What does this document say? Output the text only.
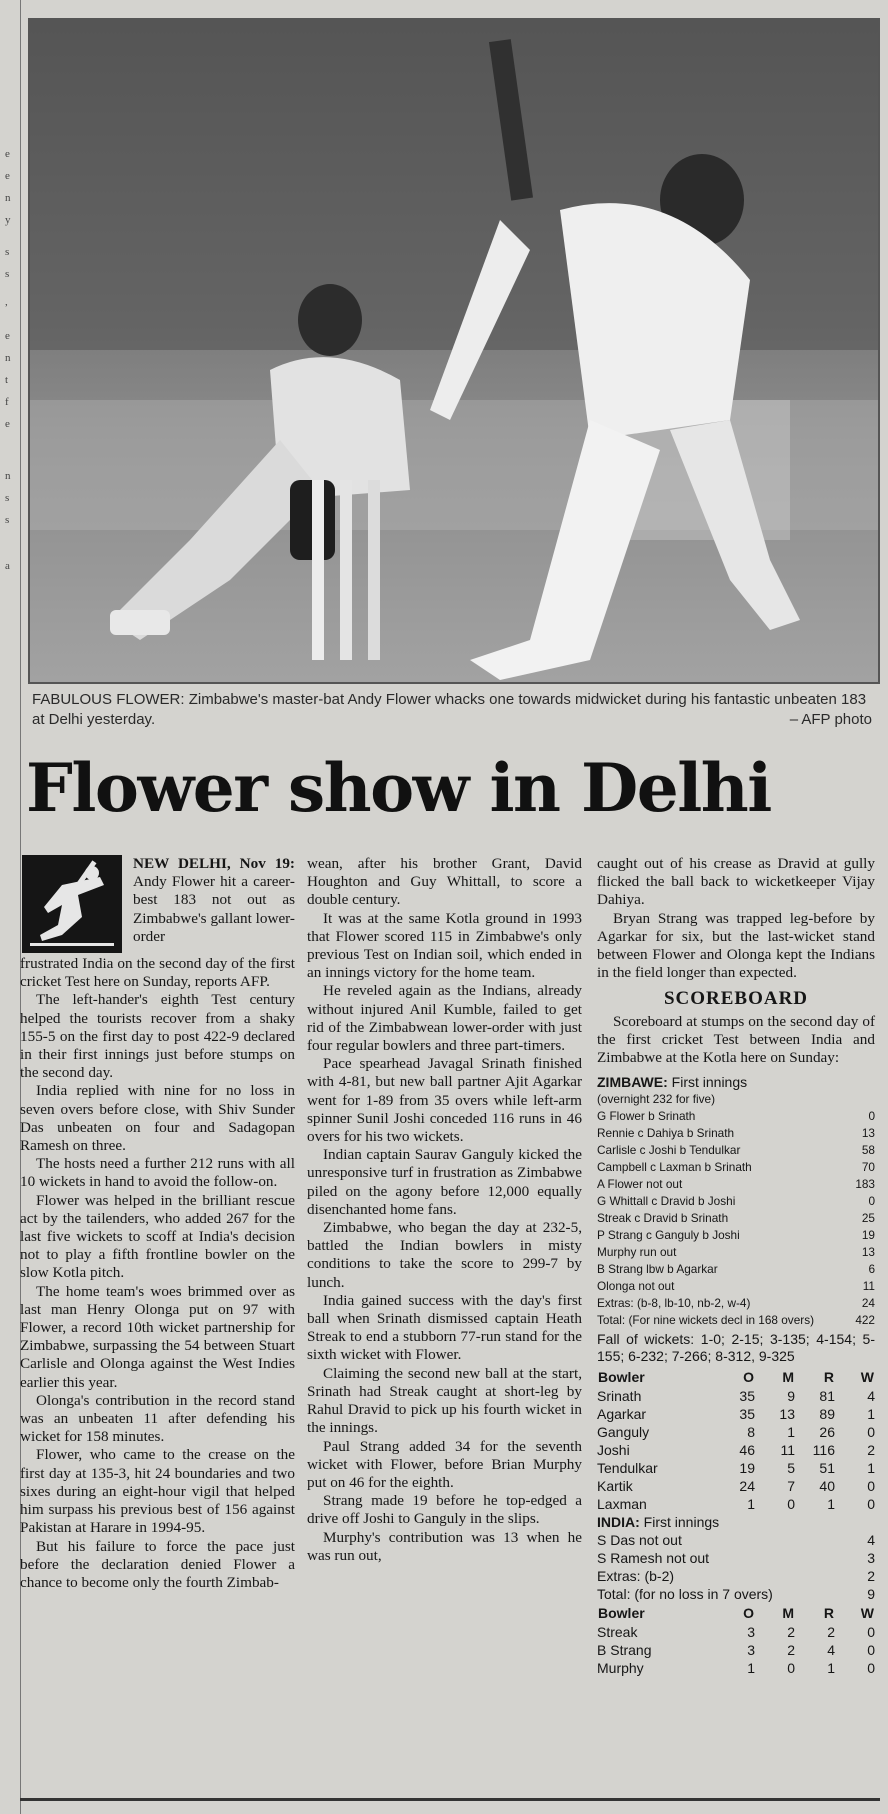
e
e
n
y
s
s
,
e
n
t
f
e
n
s
s
a
FABULOUS FLOWER: Zimbabwe's master-bat Andy Flower whacks one towards midwicket during his fantastic unbeaten 183 at Delhi yesterday.	– AFP photo
Flower show in Delhi

NEW DELHI, Nov 19: Andy Flower hit a career-best 183 not out as Zimbabwe's gallant lower-order

frustrated India on the second day of the first cricket Test here on Sunday, reports AFP.

The left-hander's eighth Test century helped the tourists recover from a shaky 155-5 on the first day to post 422-9 declared in their first innings just before stumps on the second day.

India replied with nine for no loss in seven overs before close, with Shiv Sunder Das unbeaten on four and Sadagopan Ramesh on three.

The hosts need a further 212 runs with all 10 wickets in hand to avoid the follow-on.

Flower was helped in the brilliant rescue act by the tailenders, who added 267 for the last five wickets to scoff at India's decision not to play a fifth frontline bowler on the slow Kotla pitch.

The home team's woes brimmed over as last man Henry Olonga put on 97 with Flower, a record 10th wicket partnership for Zimbabwe, surpassing the 54 between Stuart Carlisle and Olonga against the West Indies earlier this year.

Olonga's contribution in the record stand was an unbeaten 11 after defending his wicket for 158 minutes.

Flower, who came to the crease on the first day at 135-3, hit 24 boundaries and two sixes during an eight-hour vigil that helped him surpass his previous best of 156 against Pakistan at Harare in 1994-95.

But his failure to force the pace just before the declaration denied Flower a chance to become only the fourth Zimbab-

wean, after his brother Grant, David Houghton and Guy Whittall, to score a double century.

It was at the same Kotla ground in 1993 that Flower scored 115 in Zimbabwe's only previous Test on Indian soil, which ended in an innings victory for the home team.

He reveled again as the Indians, already without injured Anil Kumble, failed to get rid of the Zimbabwean lower-order with just four regular bowlers and three part-timers.

Pace spearhead Javagal Srinath finished with 4-81, but new ball partner Ajit Agarkar went for 1-89 from 35 overs while left-arm spinner Sunil Joshi conceded 116 runs in 46 overs for his two wickets.

Indian captain Saurav Ganguly kicked the unresponsive turf in frustration as Zimbabwe piled on the agony before 12,000 equally disenchanted home fans.

Zimbabwe, who began the day at 232-5, battled the Indian bowlers in misty conditions to take the score to 299-7 by lunch.

India gained success with the day's first ball when Srinath dismissed captain Heath Streak to end a stubborn 77-run stand for the sixth wicket with Flower.

Claiming the second new ball at the start, Srinath had Streak caught at short-leg by Rahul Dravid to pick up his fourth wicket in the innings.

Paul Strang added 34 for the seventh wicket with Flower, before Brian Murphy put on 46 for the eighth.

Strang made 19 before he top-edged a drive off Joshi to Ganguly in the slips.

Murphy's contribution was 13 when he was run out,

caught out of his crease as Dravid at gully flicked the ball back to wicketkeeper Vijay Dahiya.

Bryan Strang was trapped leg-before by Agarkar for six, but the last-wicket stand between Flower and Olonga kept the Indians in the field longer than expected.

SCOREBOARD

Scoreboard at stumps on the second day of the first cricket Test between India and Zimbabwe at the Kotla here on Sunday:

ZIMBAWE: First innings
(overnight 232 for five)	
G Flower b Srinath	0
Rennie c Dahiya b Srinath	13
Carlisle c Joshi b Tendulkar	58
Campbell c Laxman b Srinath	70
A Flower not out	183
G Whittall c Dravid b Joshi	0
Streak c Dravid b Srinath	25
P Strang c Ganguly b Joshi	19
Murphy run out	13
B Strang lbw b Agarkar	6
Olonga not out	11
Extras: (b-8, lb-10, nb-2, w-4)	24
Total: (For nine wickets decl in 168 overs)	422
Fall of wickets: 1-0; 2-15; 3-135; 4-154; 5-155; 6-232; 7-266; 8-312, 9-325
Bowler	O	M	R	W
Srinath	35	9	81	4
Agarkar	35	13	89	1
Ganguly	8	1	26	0
Joshi	46	11	116	2
Tendulkar	19	5	51	1
Kartik	24	7	40	0
Laxman	1	0	1	0
INDIA: First innings
S Das not out	4
S Ramesh not out	3
Extras: (b-2)	2
Total: (for no loss in 7 overs)	9
Bowler	O	M	R	W
Streak	3	2	2	0
B Strang	3	2	4	0
Murphy	1	0	1	0
